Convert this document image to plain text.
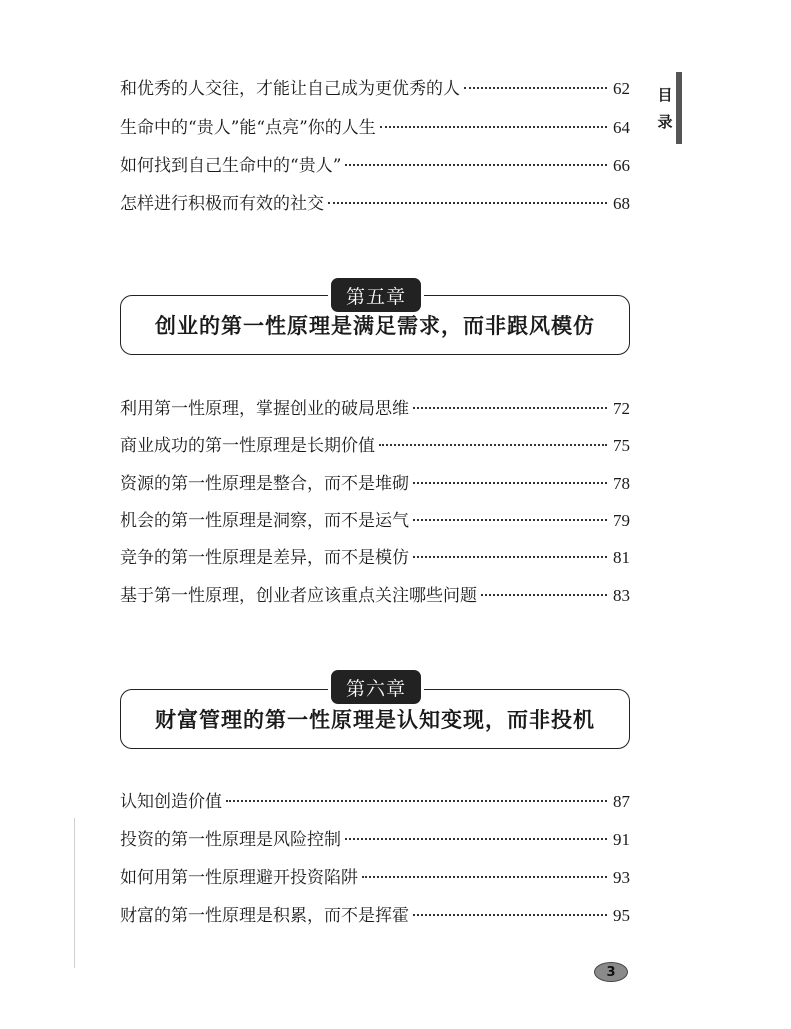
目
录
和优秀的人交往，才能让自己成为更优秀的人	62
生命中的“贵人”能“点亮”你的人生	64
如何找到自己生命中的“贵人”	66
怎样进行积极而有效的社交	68
创业的第一性原理是满足需求，而非跟风模仿
第五章
利用第一性原理，掌握创业的破局思维	72
商业成功的第一性原理是长期价值	75
资源的第一性原理是整合，而不是堆砌	78
机会的第一性原理是洞察，而不是运气	79
竞争的第一性原理是差异，而不是模仿	81
基于第一性原理，创业者应该重点关注哪些问题	83
财富管理的第一性原理是认知变现，而非投机
第六章
认知创造价值	87
投资的第一性原理是风险控制	91
如何用第一性原理避开投资陷阱	93
财富的第一性原理是积累，而不是挥霍	95
3
